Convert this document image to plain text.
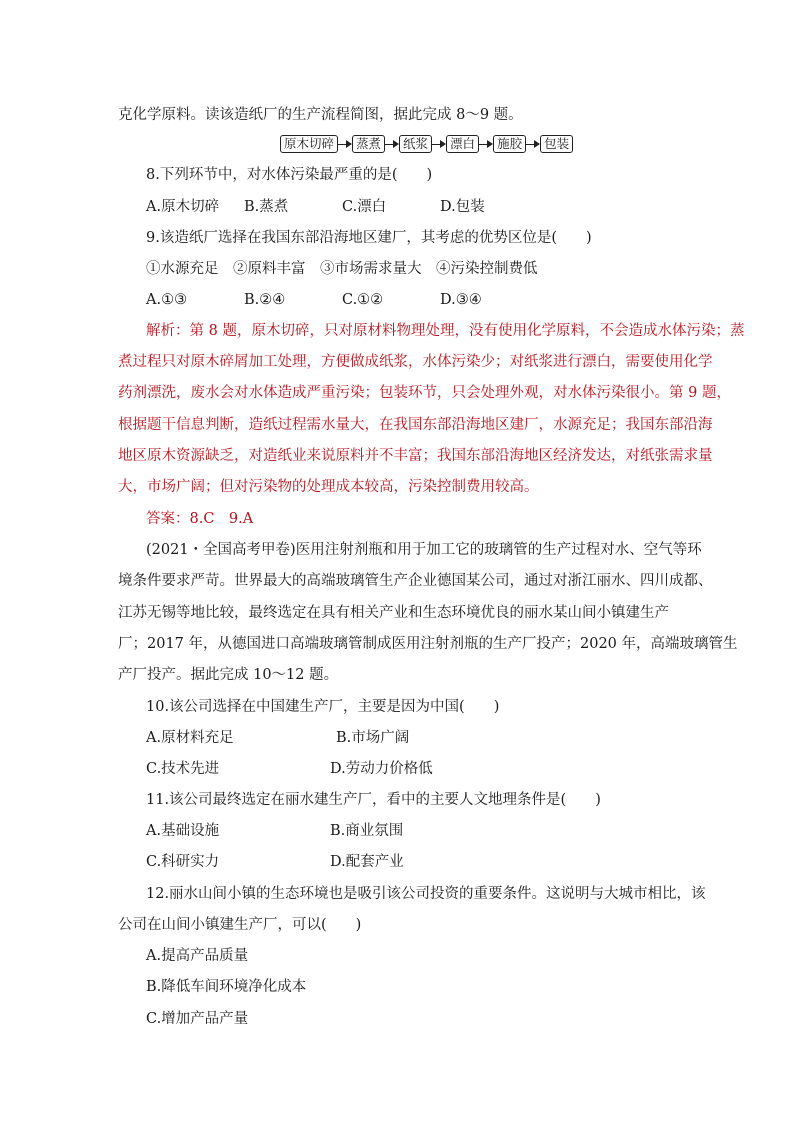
克化学原料。读该造纸厂的生产流程简图，据此完成 8～9 题。
原木切碎	蒸煮	纸浆	漂白	施胶	包装
8.下列环节中，对水体污染最严重的是(　　)
A.原木切碎 B.蒸煮	C.漂白	D.包装
9.该造纸厂选择在我国东部沿海地区建厂，其考虑的优势区位是(　　)
①水源充足　②原料丰富　③市场需求量大　④污染控制费低
A.①③	B.②④	C.①②	D.③④
解析：第 8 题，原木切碎，只对原材料物理处理，没有使用化学原料，不会造成水体污染；蒸
煮过程只对原木碎屑加工处理，方便做成纸浆，水体污染少；对纸浆进行漂白，需要使用化学
药剂漂洗，废水会对水体造成严重污染；包装环节，只会处理外观，对水体污染很小。第 9 题，
根据题干信息判断，造纸过程需水量大，在我国东部沿海地区建厂，水源充足；我国东部沿海
地区原木资源缺乏，对造纸业来说原料并不丰富；我国东部沿海地区经济发达，对纸张需求量
大，市场广阔；但对污染物的处理成本较高，污染控制费用较高。
答案：8.C　9.A
(2021・全国高考甲卷)医用注射剂瓶和用于加工它的玻璃管的生产过程对水、空气等环
境条件要求严苛。世界最大的高端玻璃管生产企业德国某公司，通过对浙江丽水、四川成都、
江苏无锡等地比较，最终选定在具有相关产业和生态环境优良的丽水某山间小镇建生产
厂；2017 年，从德国进口高端玻璃管制成医用注射剂瓶的生产厂投产；2020 年，高端玻璃管生
产厂投产。据此完成 10～12 题。
10.该公司选择在中国建生产厂，主要是因为中国(　　)
A.原材料充足	B.市场广阔
C.技术先进	D.劳动力价格低
11.该公司最终选定在丽水建生产厂，看中的主要人文地理条件是(　　)
A.基础设施	B.商业氛围
C.科研实力	D.配套产业
12.丽水山间小镇的生态环境也是吸引该公司投资的重要条件。这说明与大城市相比，该
公司在山间小镇建生产厂，可以(　　)
A.提高产品质量
B.降低车间环境净化成本
C.增加产品产量
